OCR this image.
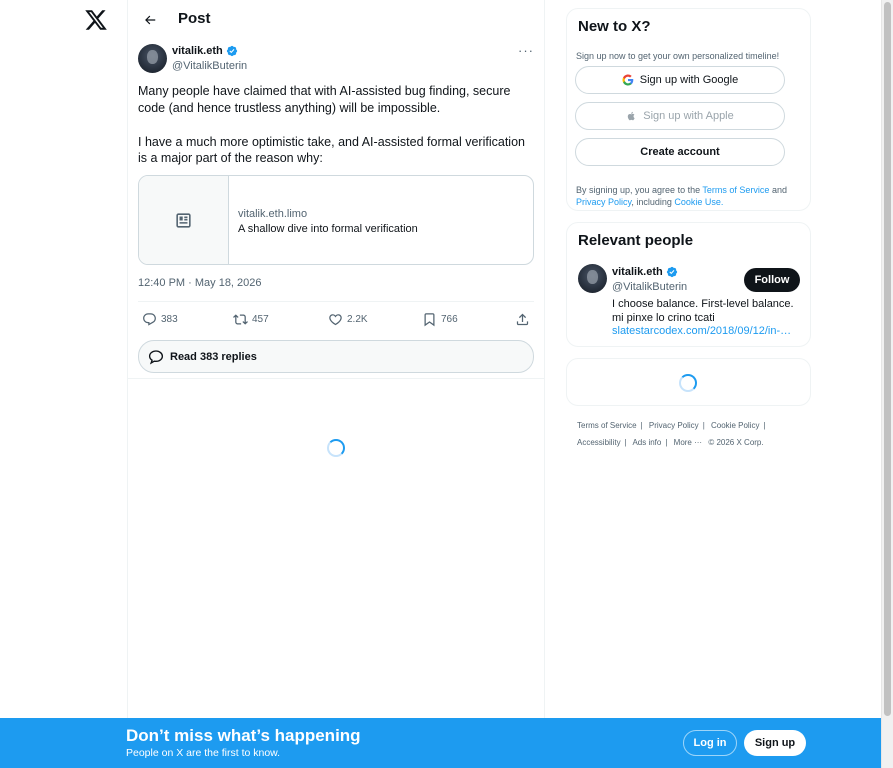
Post
vitalik.eth
@VitalikButerin
···

Many people have claimed that with AI-assisted bug finding, secure code (and hence trustless anything) will be impossible.

I have a much more optimistic take, and AI-assisted formal verification is a major part of the reason why:

vitalik.eth.limo
A shallow dive into formal verification
12:40 PM · May 18, 2026
383	457	2.2K	766
Read 383 replies
New to X?
Sign up now to get your own personalized timeline!
Sign up with Google
Sign up with Apple
Create account
By signing up, you agree to the Terms of Service and Privacy Policy, including Cookie Use.
Relevant people
vitalik.eth
@VitalikButerin
Follow
I choose balance. First-level balance. mi pinxe lo crino tcati
slatestarcodex.com/2018/09/12/in-…
Terms of Service | Privacy Policy | Cookie Policy |
Accessibility | Ads info | More ··· © 2026 X Corp.
Don’t miss what’s happening
People on X are the first to know.
Log in	Sign up
